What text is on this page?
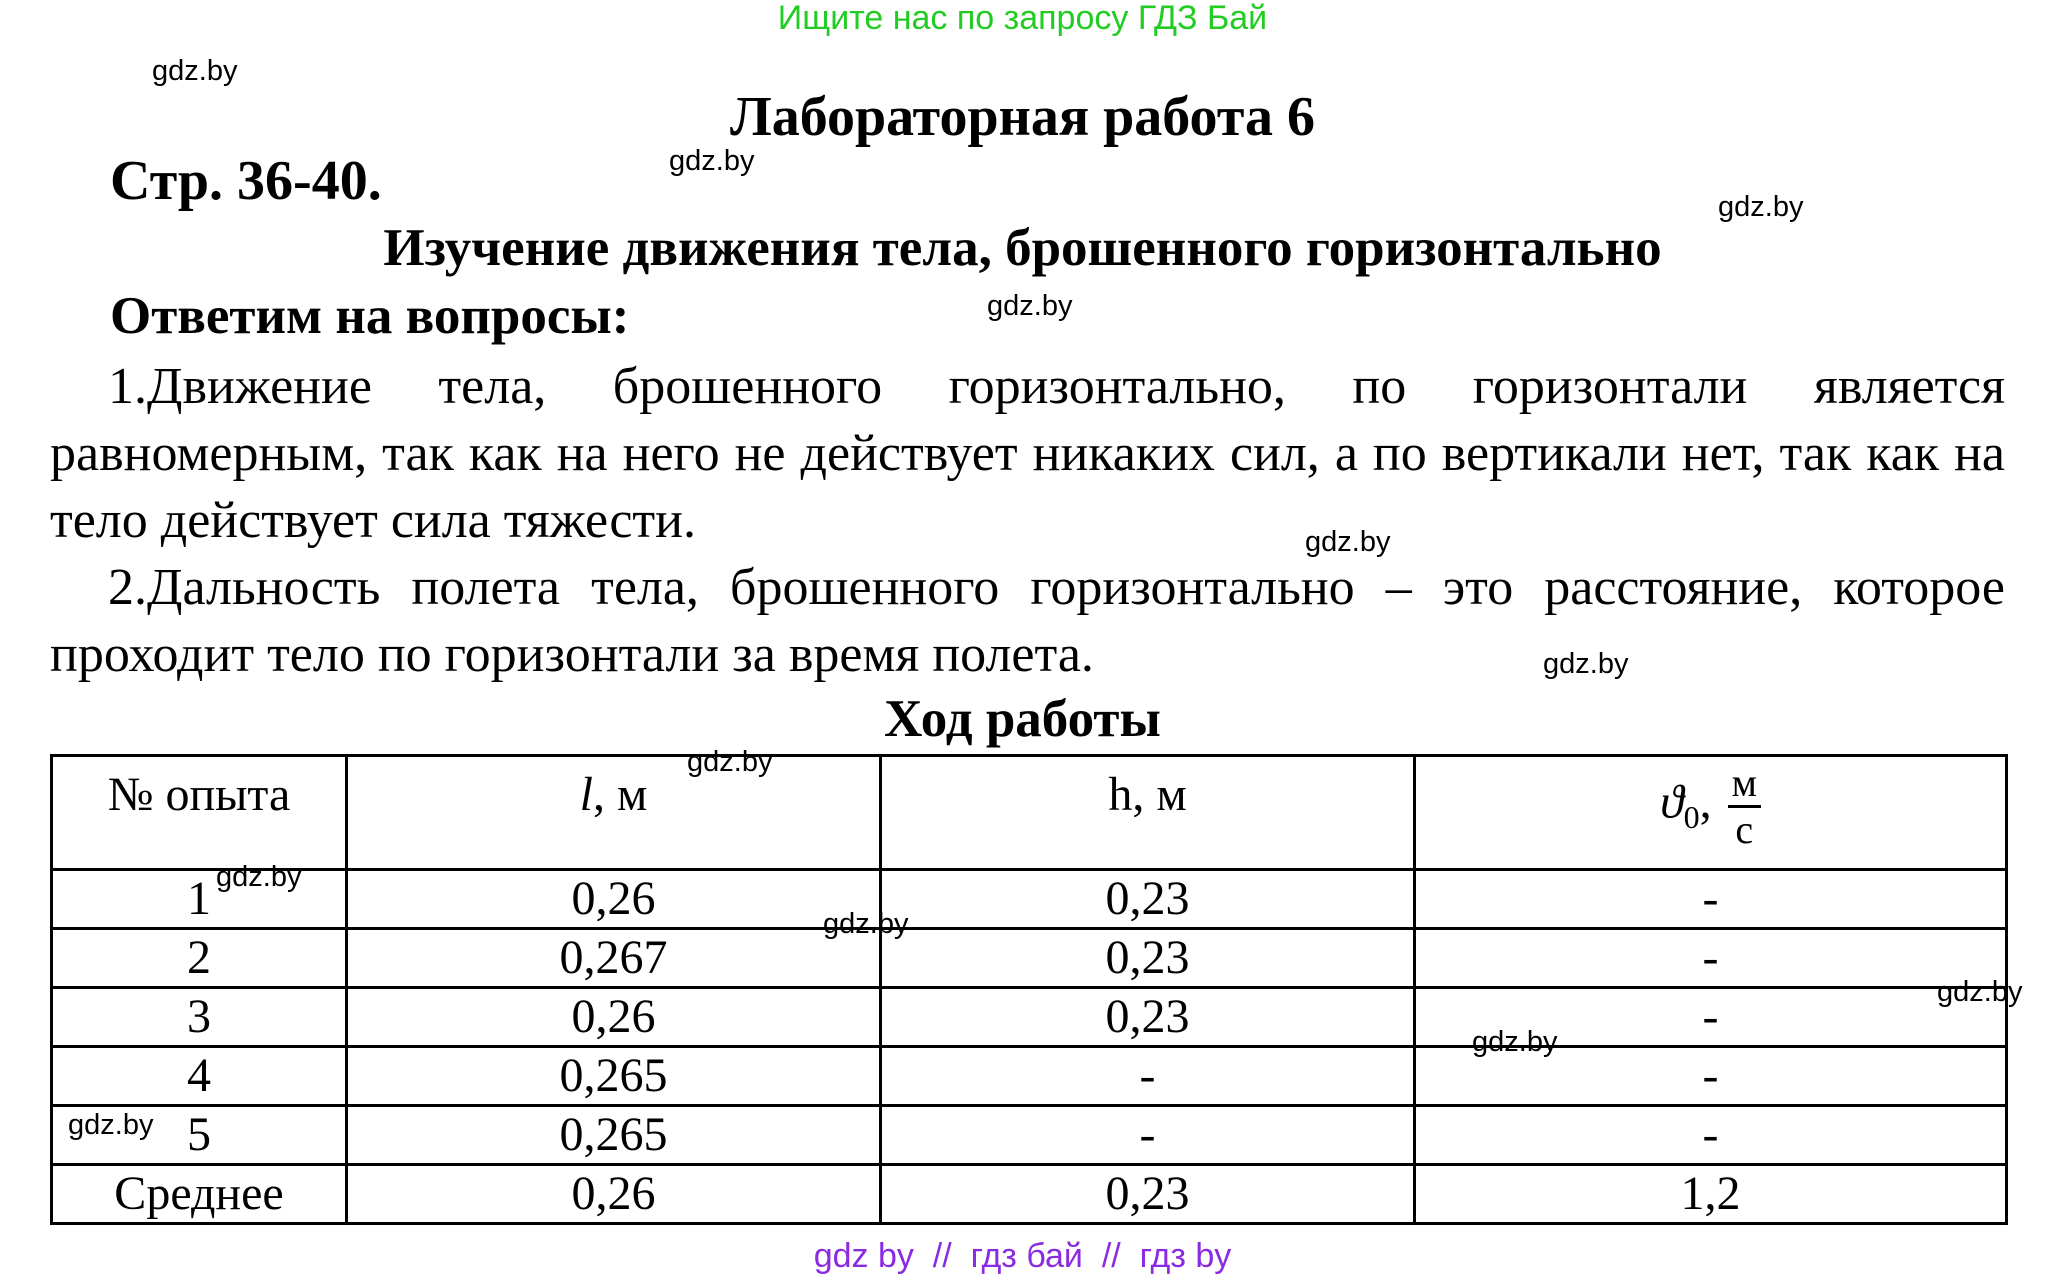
Ищите нас по запросу ГДЗ Бай
gdz.by
gdz.by
gdz.by
gdz.by
gdz.by
gdz.by
gdz.by
gdz.by
gdz.by
gdz.by
gdz.by
gdz.by
Лабораторная работа 6
Стр. 36-40.
Изучение движения тела, брошенного горизонтально
Ответим на вопросы:
1.Движение тела, брошенного горизонтально, по горизонтали является равномерным, так как на него не действует никаких сил, а по вертикали нет, так как на тело действует сила тяжести.
2.Дальность полета тела, брошенного горизонтально – это расстояние, которое проходит тело по горизонтали за время полета.
Ход работы
№ опыта	l, м	h, м	$ϑ_0$, $\frac{м}{с}$

1	0,26	0,23	-
2	0,267	0,23	-
3	0,26	0,23	-
4	0,265	-	-
5	0,265	-	-
Среднее	0,26	0,23	1,2
gdz by  //  гдз бай  //  гдз by
